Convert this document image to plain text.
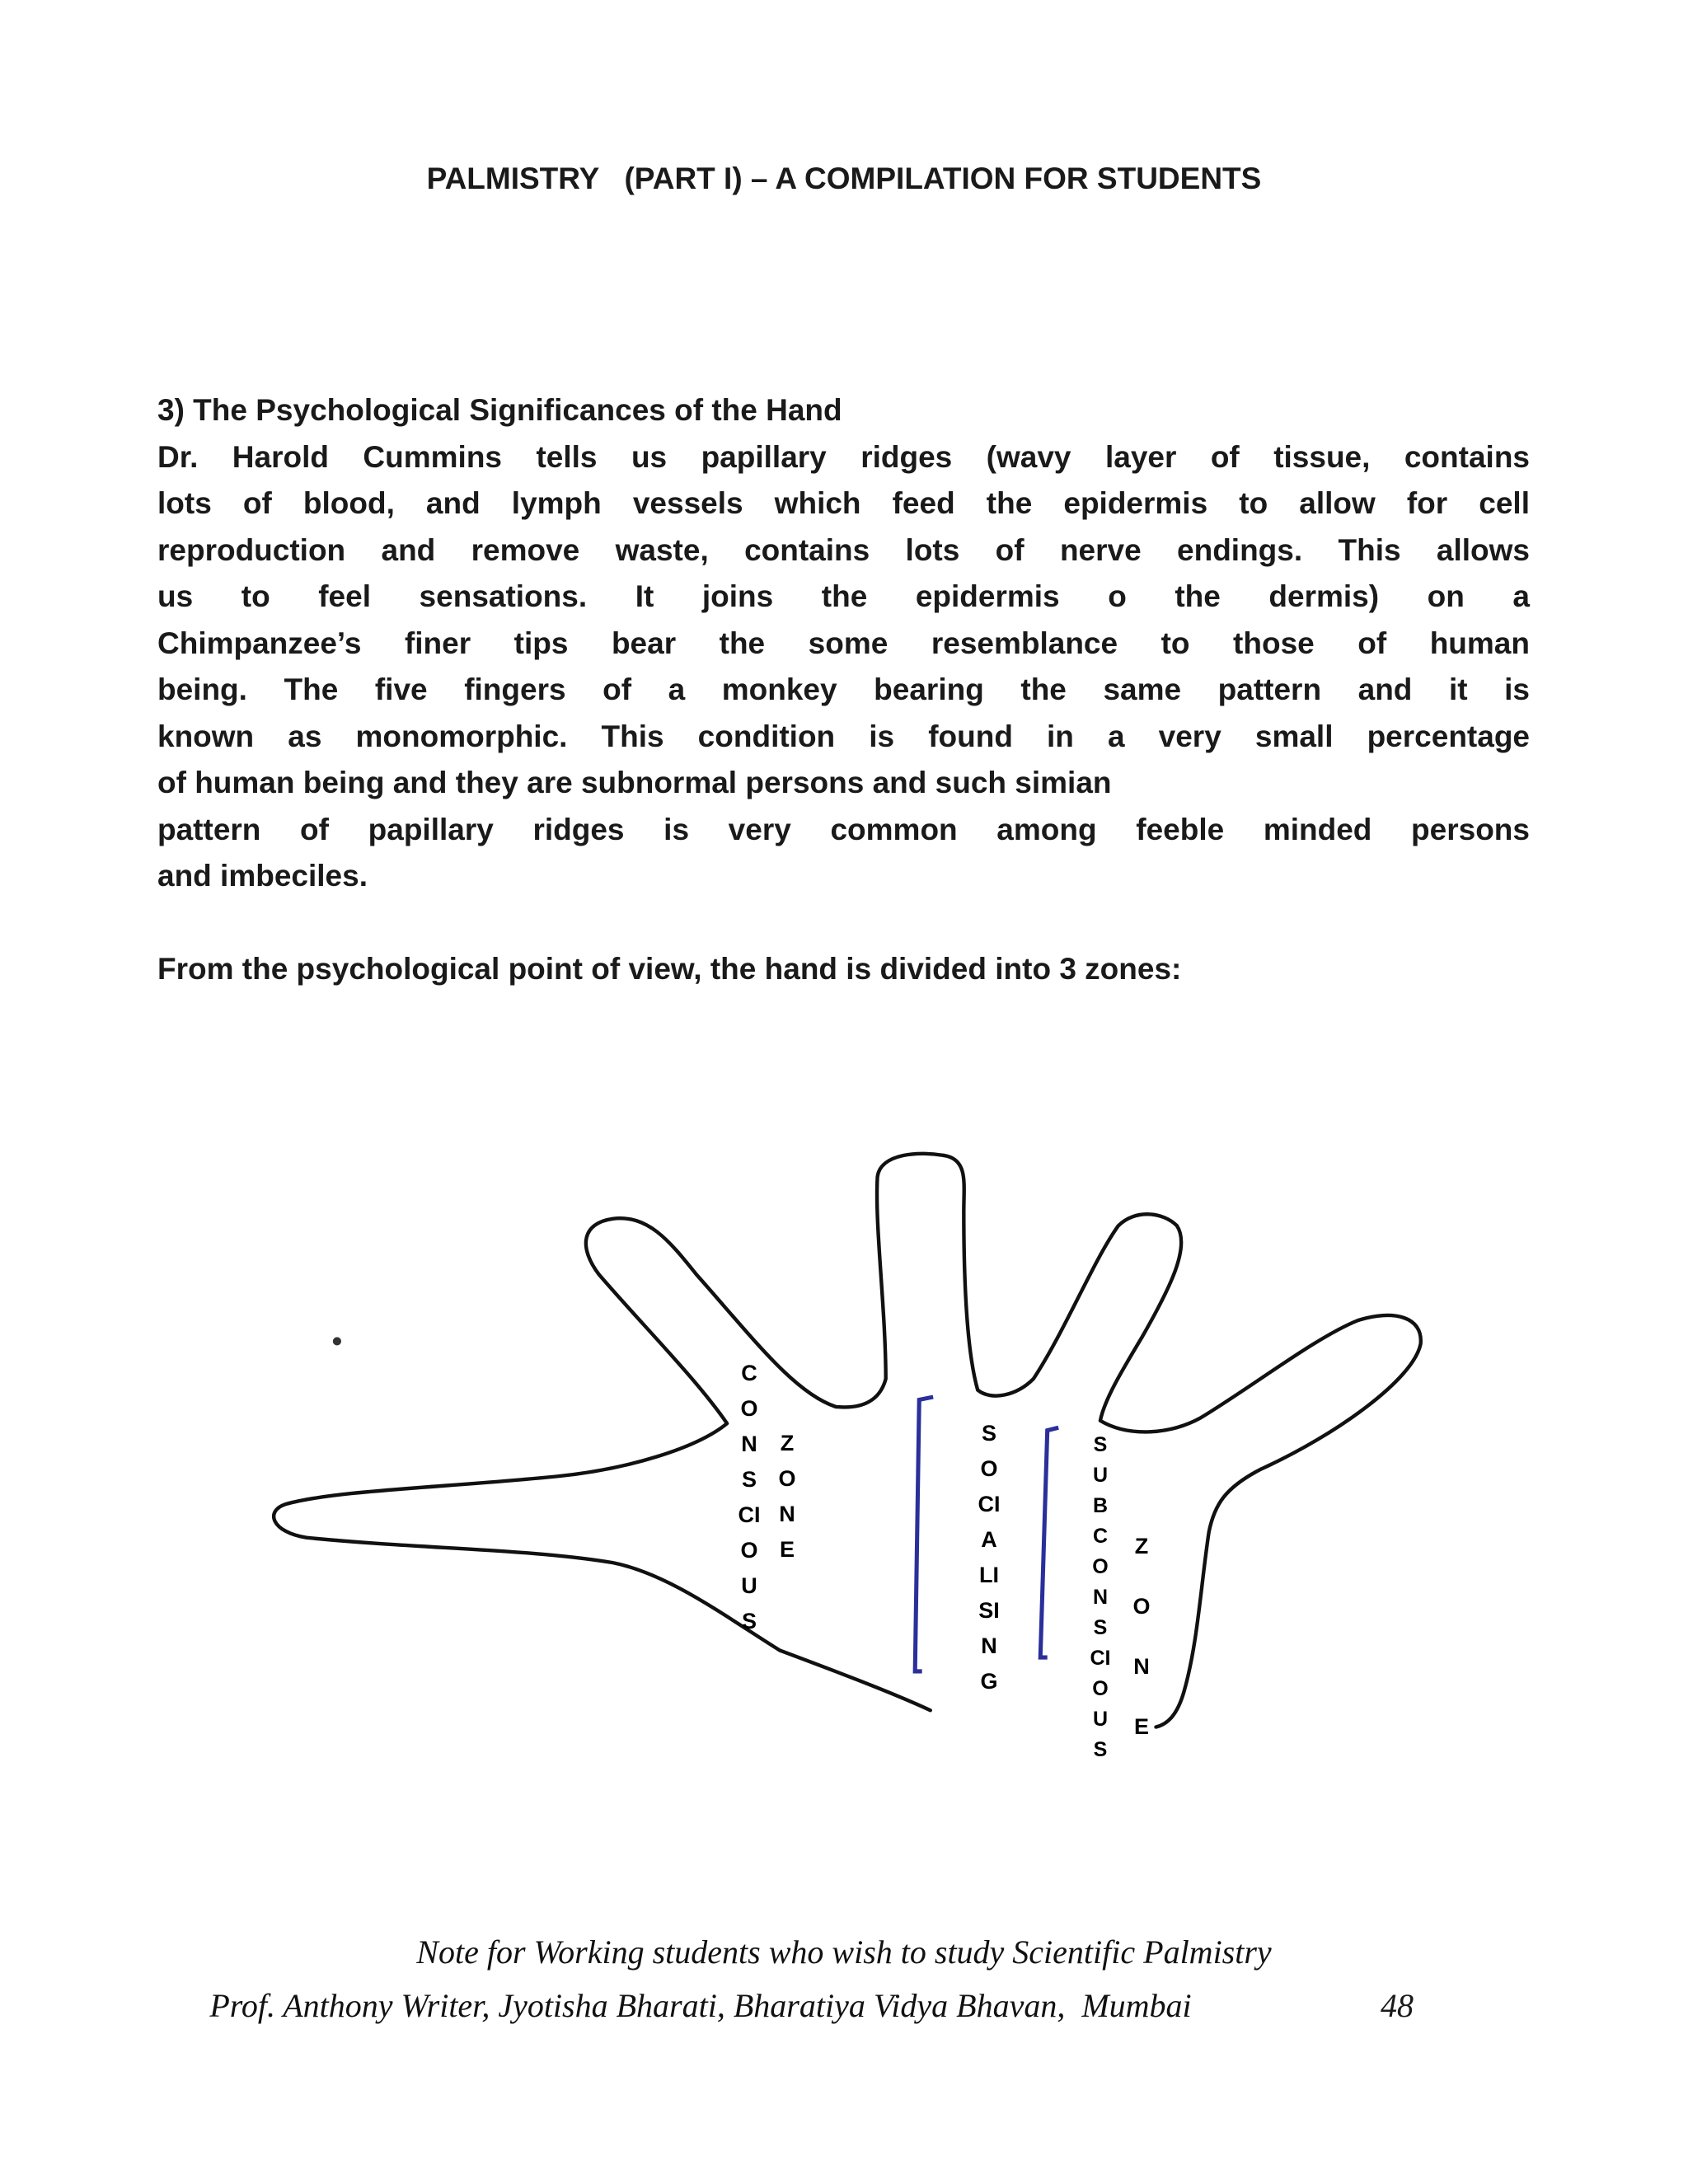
PALMISTRY   (PART I) – A COMPILATION FOR STUDENTS
3) The Psychological Significances of the Hand
Dr. Harold Cummins tells us papillary ridges (wavy layer of tissue, contains
lots of blood, and lymph vessels which feed the epidermis to allow for cell
reproduction and remove waste, contains lots of nerve endings. This allows
us to feel sensations. It joins the epidermis o the dermis) on a
Chimpanzee’s finer tips bear the some resemblance to those of human
being. The five fingers of a monkey bearing the same pattern and it is
known as monomorphic. This condition is found in a very small percentage
of human being and they are subnormal persons and such simian
pattern of papillary ridges is very common among feeble minded persons
and imbeciles.
From the psychological point of view, the hand is divided into 3 zones:
CONSCIOUS
ZONE
SOCIALISING
SUBCONSCIOUS
ZONE
Note for Working students who wish to study Scientific Palmistry
Prof. Anthony Writer, Jyotisha Bharati, Bharatiya Vidya Bhavan,  Mumbai	48
